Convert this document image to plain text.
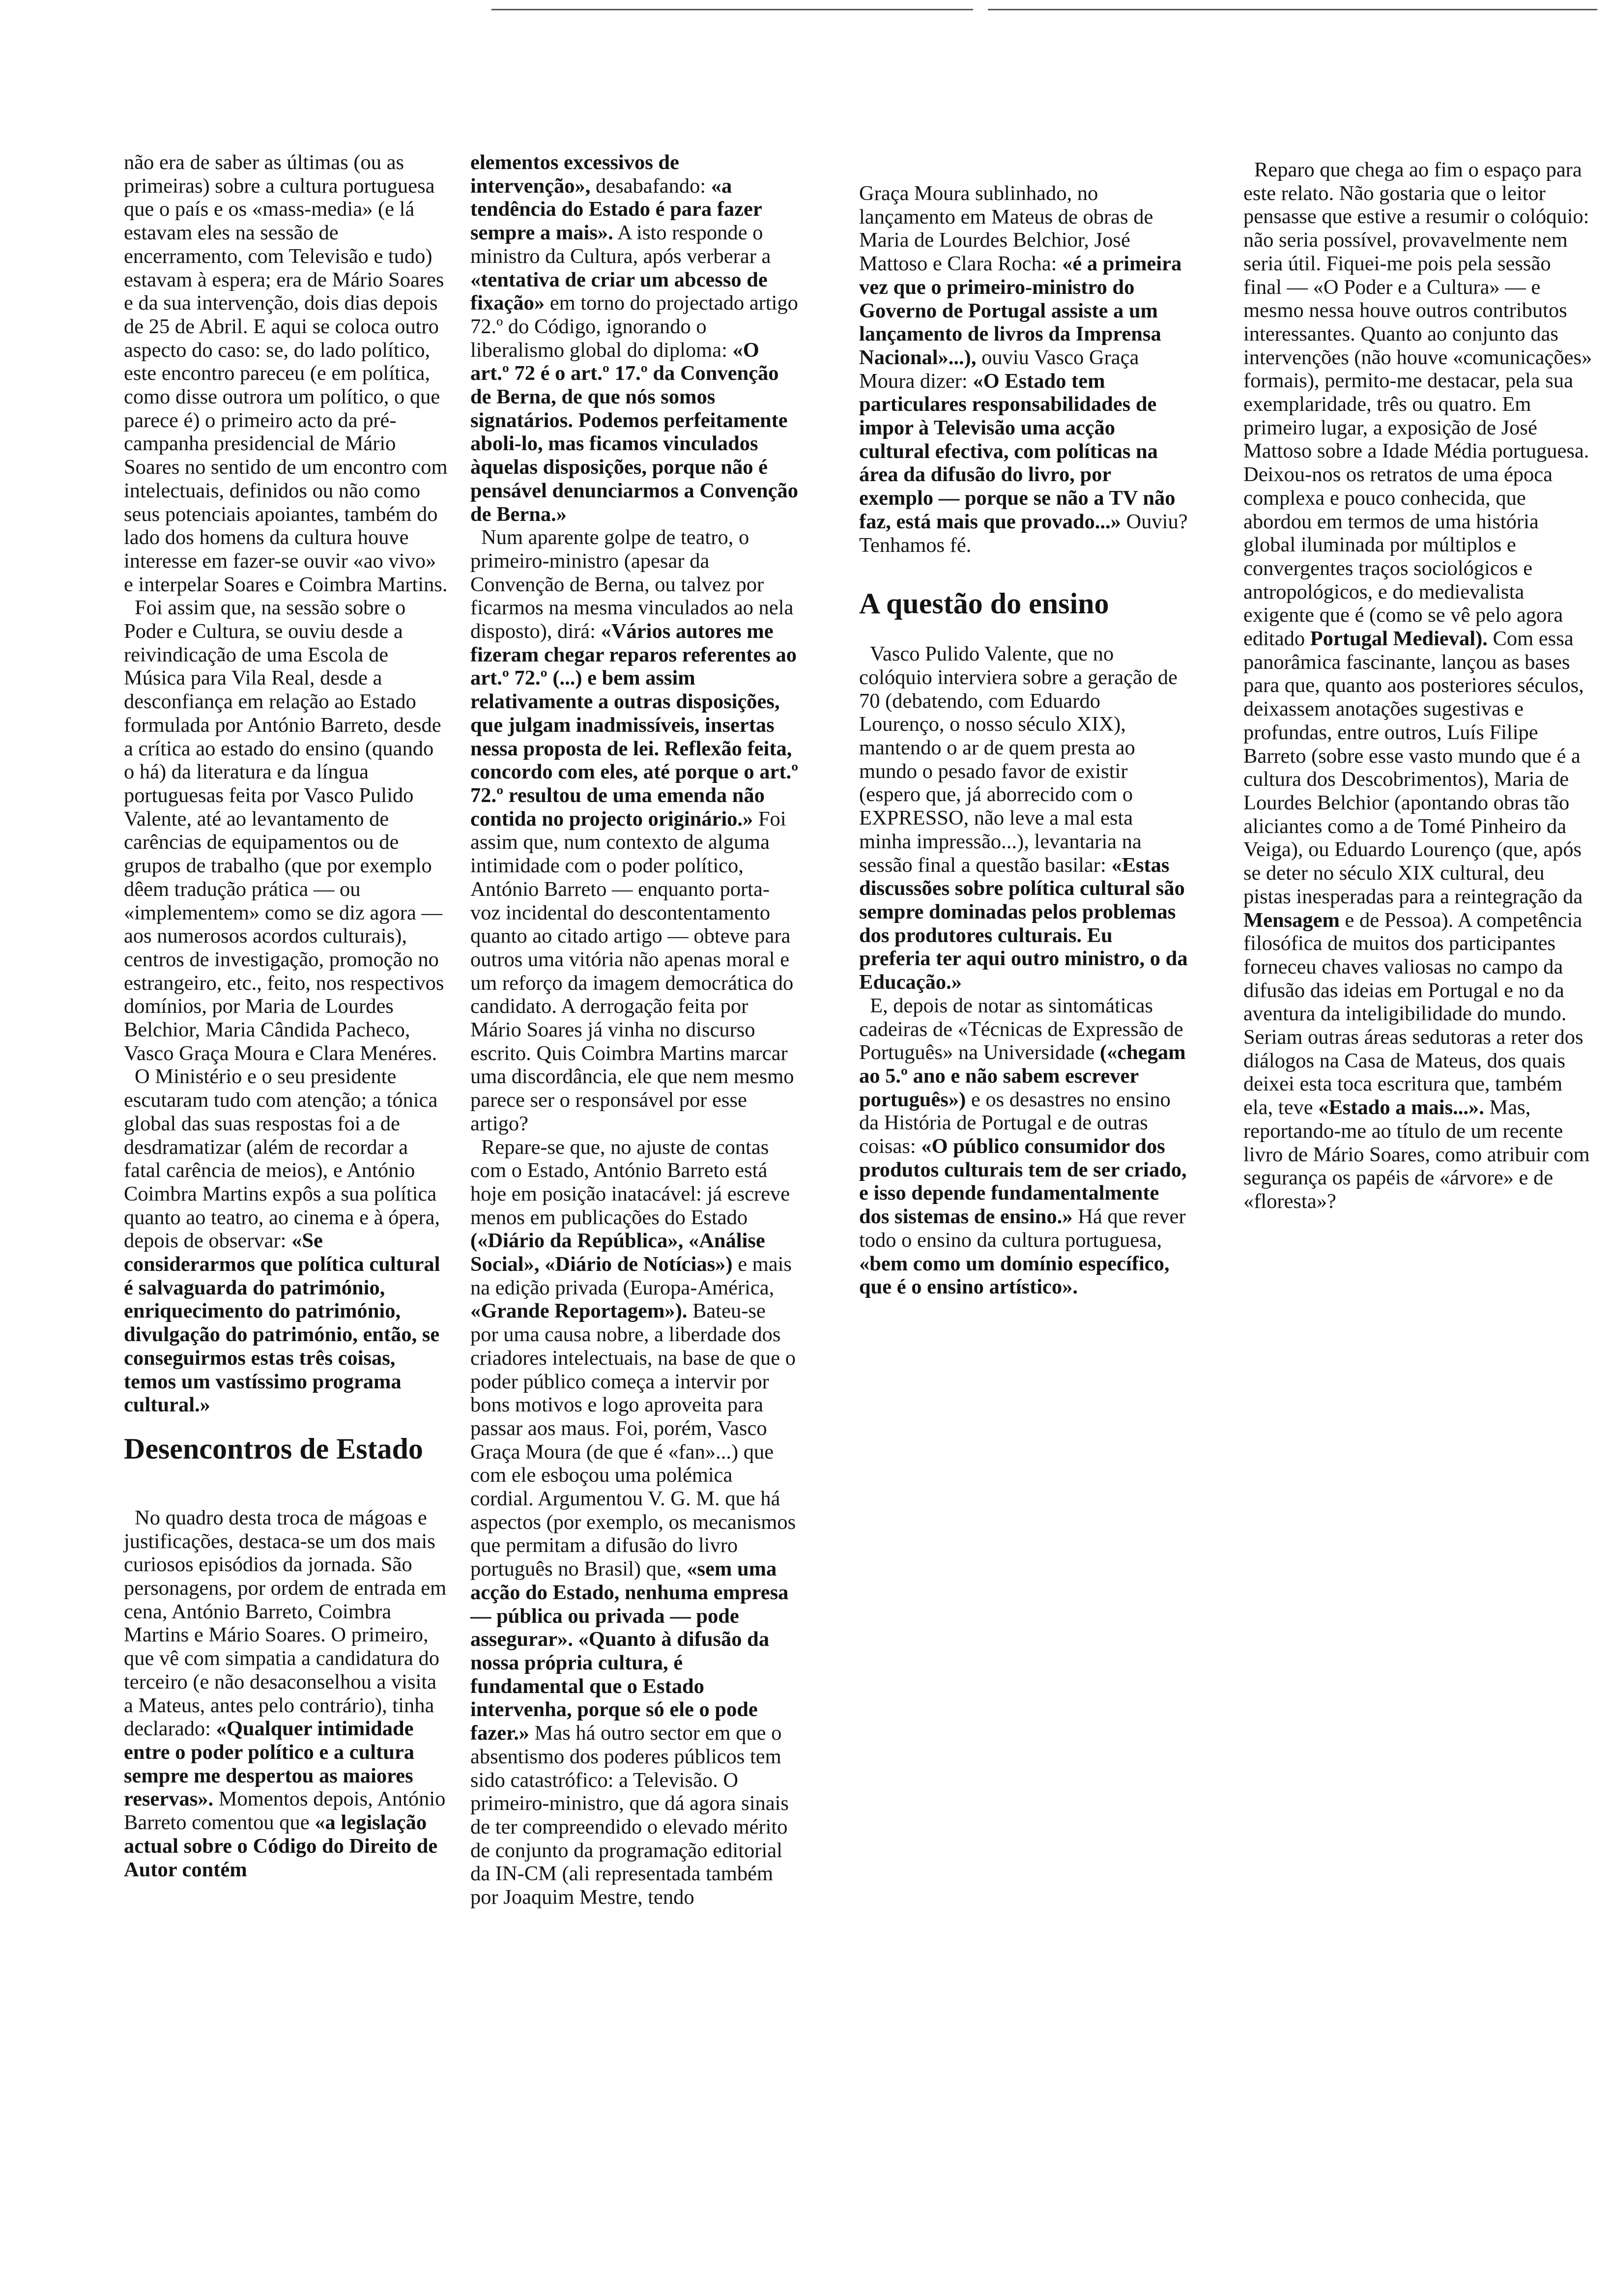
não era de saber as últimas (ou as primeiras) sobre a cultura portuguesa que o país e os «mass-media» (e lá estavam eles na sessão de encerramento, com Televisão e tudo) estavam à espera; era de Mário Soares e da sua intervenção, dois dias depois de 25 de Abril. E aqui se coloca outro aspecto do caso: se, do lado político, este encontro pareceu (e em política, como disse outrora um político, o que parece é) o primeiro acto da pré-campanha presidencial de Mário Soares no sentido de um encontro com intelectuais, definidos ou não como seus potenciais apoiantes, também do lado dos homens da cultura houve interesse em fazer-se ouvir «ao vivo» e interpelar Soares e Coimbra Martins.

Foi assim que, na sessão sobre o Poder e Cultura, se ouviu desde a reivindicação de uma Escola de Música para Vila Real, desde a desconfiança em relação ao Estado formulada por António Barreto, desde a crítica ao estado do ensino (quando o há) da literatura e da língua portuguesas feita por Vasco Pulido Valente, até ao levantamento de carências de equipamentos ou de grupos de trabalho (que por exemplo dêem tradução prática — ou «implementem» como se diz agora — aos numerosos acordos culturais), centros de investigação, promoção no estrangeiro, etc., feito, nos respectivos domínios, por Maria de Lourdes Belchior, Maria Cândida Pacheco, Vasco Graça Moura e Clara Menéres.

O Ministério e o seu presidente escutaram tudo com atenção; a tónica global das suas respostas foi a de desdramatizar (além de recordar a fatal carência de meios), e António Coimbra Martins expôs a sua política quanto ao teatro, ao cinema e à ópera, depois de observar: «Se considerarmos que política cultural é salvaguarda do património, enriquecimento do património, divulgação do património, então, se conseguirmos estas três coisas, temos um vastíssimo programa cultural.»

Desencontros de Estado

No quadro desta troca de mágoas e justificações, destaca-se um dos mais curiosos episódios da jornada. São personagens, por ordem de entrada em cena, António Barreto, Coimbra Martins e Mário Soares. O primeiro, que vê com simpatia a candidatura do terceiro (e não desaconselhou a visita a Mateus, antes pelo contrário), tinha declarado: «Qualquer intimidade entre o poder político e a cultura sempre me despertou as maiores reservas». Momentos depois, António Barreto comentou que «a legislação actual sobre o Código do Direito de Autor contém

elementos excessivos de intervenção», desabafando: «a tendência do Estado é para fazer sempre a mais». A isto responde o ministro da Cultura, após verberar a «tentativa de criar um abcesso de fixação» em torno do projectado artigo 72.º do Código, ignorando o liberalismo global do diploma: «O art.º 72 é o art.º 17.º da Convenção de Berna, de que nós somos signatários. Podemos perfeitamente aboli-lo, mas ficamos vinculados àquelas disposições, porque não é pensável denunciarmos a Convenção de Berna.»

Num aparente golpe de teatro, o primeiro-ministro (apesar da Convenção de Berna, ou talvez por ficarmos na mesma vinculados ao nela disposto), dirá: «Vários autores me fizeram chegar reparos referentes ao art.º 72.º (...) e bem assim relativamente a outras disposições, que julgam inadmissíveis, insertas nessa proposta de lei. Reflexão feita, concordo com eles, até porque o art.º 72.º resultou de uma emenda não contida no projecto originário.» Foi assim que, num contexto de alguma intimidade com o poder político, António Barreto — enquanto porta-voz incidental do descontentamento quanto ao citado artigo — obteve para outros uma vitória não apenas moral e um reforço da imagem democrática do candidato. A derrogação feita por Mário Soares já vinha no discurso escrito. Quis Coimbra Martins marcar uma discordância, ele que nem mesmo parece ser o responsável por esse artigo?

Repare-se que, no ajuste de contas com o Estado, António Barreto está hoje em posição inatacável: já escreve menos em publicações do Estado («Diário da República», «Análise Social», «Diário de Notícias») e mais na edição privada (Europa-América, «Grande Reportagem»). Bateu-se por uma causa nobre, a liberdade dos criadores intelectuais, na base de que o poder público começa a intervir por bons motivos e logo aproveita para passar aos maus. Foi, porém, Vasco Graça Moura (de que é «fan»...) que com ele esboçou uma polémica cordial. Argumentou V. G. M. que há aspectos (por exemplo, os mecanismos que permitam a difusão do livro português no Brasil) que, «sem uma acção do Estado, nenhuma empresa — pública ou privada — pode assegurar». «Quanto à difusão da nossa própria cultura, é fundamental que o Estado intervenha, porque só ele o pode fazer.» Mas há outro sector em que o absentismo dos poderes públicos tem sido catastrófico: a Televisão. O primeiro-ministro, que dá agora sinais de ter compreendido o elevado mérito de conjunto da programação editorial da IN-CM (ali representada também por Joaquim Mestre, tendo

Graça Moura sublinhado, no lançamento em Mateus de obras de Maria de Lourdes Belchior, José Mattoso e Clara Rocha: «é a primeira vez que o primeiro-ministro do Governo de Portugal assiste a um lançamento de livros da Imprensa Nacional»...), ouviu Vasco Graça Moura dizer: «O Estado tem particulares responsabilidades de impor à Televisão uma acção cultural efectiva, com políticas na área da difusão do livro, por exemplo — porque se não a TV não faz, está mais que provado...» Ouviu? Tenhamos fé.

A questão do ensino

Vasco Pulido Valente, que no colóquio interviera sobre a geração de 70 (debatendo, com Eduardo Lourenço, o nosso século XIX), mantendo o ar de quem presta ao mundo o pesado favor de existir (espero que, já aborrecido com o EXPRESSO, não leve a mal esta minha impressão...), levantaria na sessão final a questão basilar: «Estas discussões sobre política cultural são sempre dominadas pelos problemas dos produtores culturais. Eu preferia ter aqui outro ministro, o da Educação.»

E, depois de notar as sintomáticas cadeiras de «Técnicas de Expressão de Português» na Universidade («chegam ao 5.º ano e não sabem escrever português») e os desastres no ensino da História de Portugal e de outras coisas: «O público consumidor dos produtos culturais tem de ser criado, e isso depende fundamentalmente dos sistemas de ensino.» Há que rever todo o ensino da cultura portuguesa, «bem como um domínio específico, que é o ensino artístico».

Reparo que chega ao fim o espaço para este relato. Não gostaria que o leitor pensasse que estive a resumir o colóquio: não seria possível, provavelmente nem seria útil. Fiquei-me pois pela sessão final — «O Poder e a Cultura» — e mesmo nessa houve outros contributos interessantes. Quanto ao conjunto das intervenções (não houve «comunicações» formais), permito-me destacar, pela sua exemplaridade, três ou quatro. Em primeiro lugar, a exposição de José Mattoso sobre a Idade Média portuguesa. Deixou-nos os retratos de uma época complexa e pouco conhecida, que abordou em termos de uma história global iluminada por múltiplos e convergentes traços sociológicos e antropológicos, e do medievalista exigente que é (como se vê pelo agora editado Portugal Medieval). Com essa panorâmica fascinante, lançou as bases para que, quanto aos posteriores séculos, deixassem anotações sugestivas e profundas, entre outros, Luís Filipe Barreto (sobre esse vasto mundo que é a cultura dos Descobrimentos), Maria de Lourdes Belchior (apontando obras tão aliciantes como a de Tomé Pinheiro da Veiga), ou Eduardo Lourenço (que, após se deter no século XIX cultural, deu pistas inesperadas para a reintegração da Mensagem e de Pessoa). A competência filosófica de muitos dos participantes forneceu chaves valiosas no campo da difusão das ideias em Portugal e no da aventura da inteligibilidade do mundo. Seriam outras áreas sedutoras a reter dos diálogos na Casa de Mateus, dos quais deixei esta toca escritura que, também ela, teve «Estado a mais...». Mas, reportando-me ao título de um recente livro de Mário Soares, como atribuir com segurança os papéis de «árvore» e de «floresta»?
